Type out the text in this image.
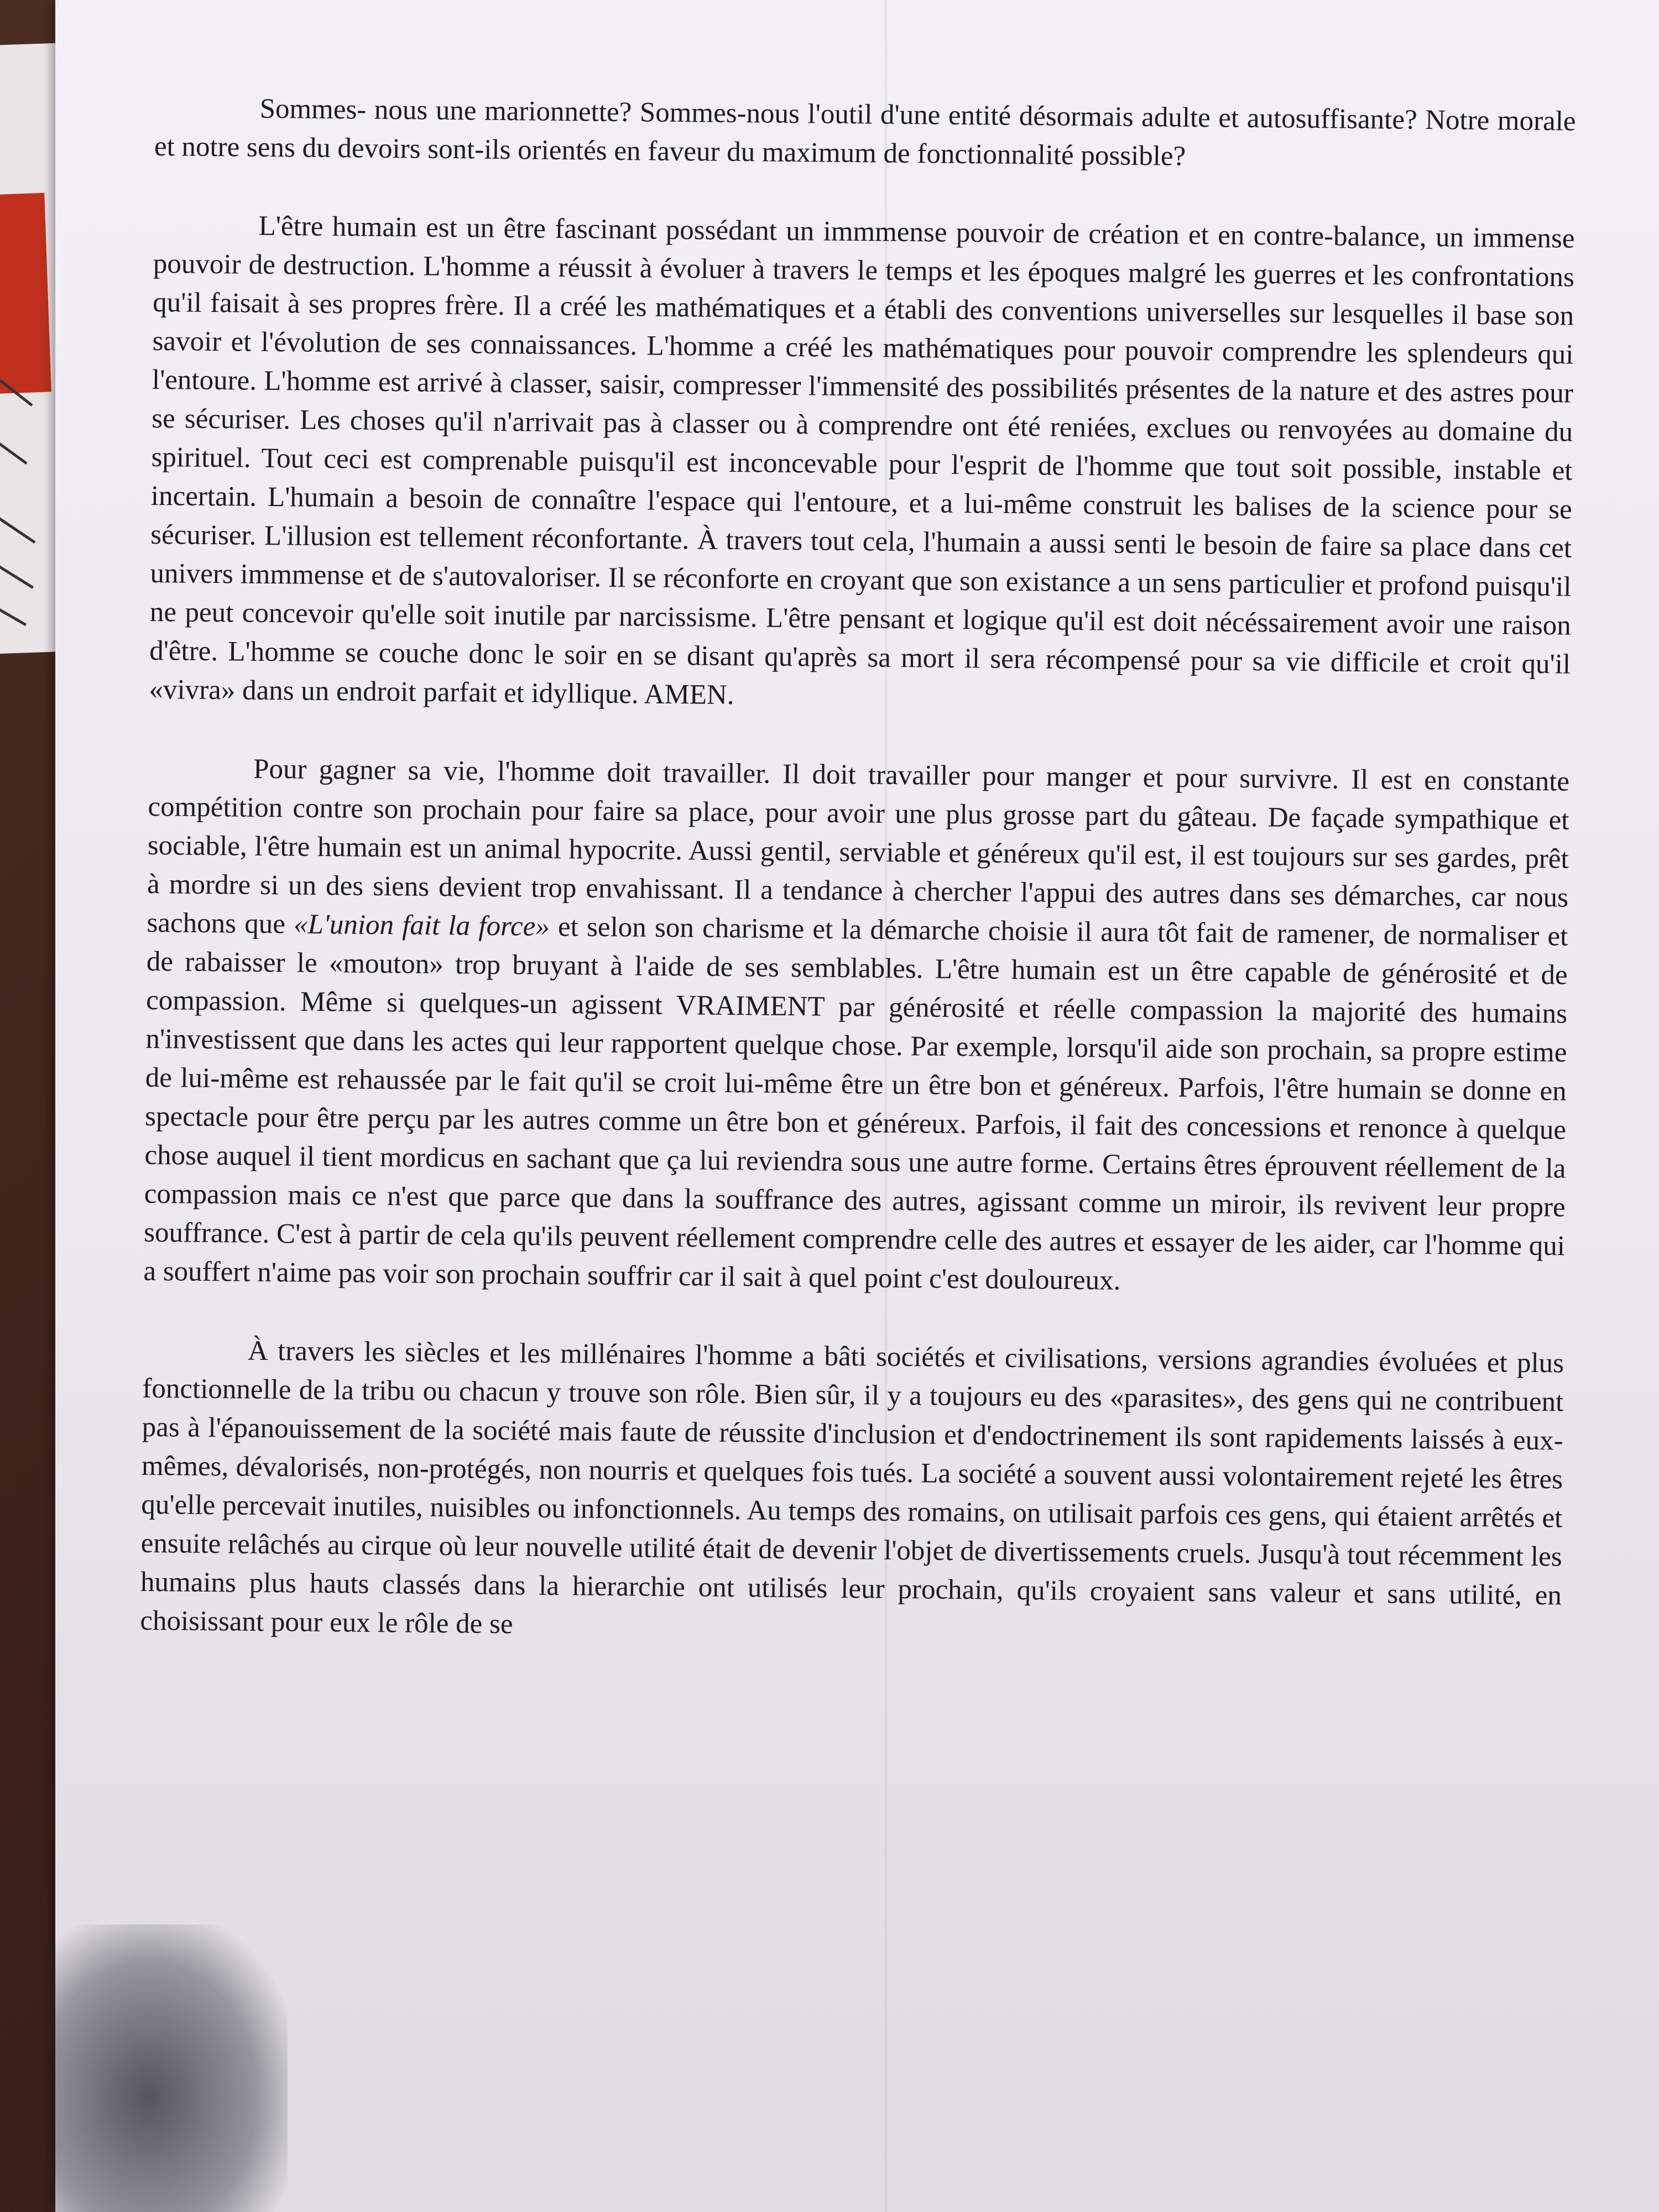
Sommes- nous une marionnette? Sommes-nous l'outil d'une entité désormais adulte et autosuffisante? Notre morale et notre sens du devoirs sont-ils orientés en faveur du maximum de fonctionnalité possible?

L'être humain est un être fascinant possédant un immmense pouvoir de création et en contre-balance, un immense pouvoir de destruction. L'homme a réussit à évoluer à travers le temps et les époques malgré les guerres et les confrontations qu'il faisait à ses propres frère. Il a créé les mathématiques et a établi des conventions universelles sur lesquelles il base son savoir et l'évolution de ses connaissances. L'homme a créé les mathématiques pour pouvoir comprendre les splendeurs qui l'entoure. L'homme est arrivé à classer, saisir, compresser l'immensité des possibilités présentes de la nature et des astres pour se sécuriser. Les choses qu'il n'arrivait pas à classer ou à comprendre ont été reniées, exclues ou renvoyées au domaine du spirituel. Tout ceci est comprenable puisqu'il est inconcevable pour l'esprit de l'homme que tout soit possible, instable et incertain. L'humain a besoin de connaître l'espace qui l'entoure, et a lui-même construit les balises de la science pour se sécuriser. L'illusion est tellement réconfortante. À travers tout cela, l'humain a aussi senti le besoin de faire sa place dans cet univers immmense et de s'autovaloriser. Il se réconforte en croyant que son existance a un sens particulier et profond puisqu'il ne peut concevoir qu'elle soit inutile par narcissisme. L'être pensant et logique qu'il est doit nécéssairement avoir une raison d'être. L'homme se couche donc le soir en se disant qu'après sa mort il sera récompensé pour sa vie difficile et croit qu'il «vivra» dans un endroit parfait et idyllique. AMEN.

Pour gagner sa vie, l'homme doit travailler. Il doit travailler pour manger et pour survivre. Il est en constante compétition contre son prochain pour faire sa place, pour avoir une plus grosse part du gâteau. De façade sympathique et sociable, l'être humain est un animal hypocrite. Aussi gentil, serviable et généreux qu'il est, il est toujours sur ses gardes, prêt à mordre si un des siens devient trop envahissant. Il a tendance à chercher l'appui des autres dans ses démarches, car nous sachons que «L'union fait la force» et selon son charisme et la démarche choisie il aura tôt fait de ramener, de normaliser et de rabaisser le «mouton» trop bruyant à l'aide de ses semblables. L'être humain est un être capable de générosité et de compassion. Même si quelques-un agissent VRAIMENT par générosité et réelle compassion la majorité des humains n'investissent que dans les actes qui leur rapportent quelque chose. Par exemple, lorsqu'il aide son prochain, sa propre estime de lui-même est rehaussée par le fait qu'il se croit lui-même être un être bon et généreux. Parfois, l'être humain se donne en spectacle pour être perçu par les autres comme un être bon et généreux. Parfois, il fait des concessions et renonce à quelque chose auquel il tient mordicus en sachant que ça lui reviendra sous une autre forme. Certains êtres éprouvent réellement de la compassion mais ce n'est que parce que dans la souffrance des autres, agissant comme un miroir, ils revivent leur propre souffrance. C'est à partir de cela qu'ils peuvent réellement comprendre celle des autres et essayer de les aider, car l'homme qui a souffert n'aime pas voir son prochain souffrir car il sait à quel point c'est douloureux.

À travers les siècles et les millénaires l'homme a bâti sociétés et civilisations, versions agrandies évoluées et plus fonctionnelle de la tribu ou chacun y trouve son rôle. Bien sûr, il y a toujours eu des «parasites», des gens qui ne contribuent pas à l'épanouissement de la société mais faute de réussite d'inclusion et d'endoctrinement ils sont rapidements laissés à eux-mêmes, dévalorisés, non-protégés, non nourris et quelques fois tués. La société a souvent aussi volontairement rejeté les êtres qu'elle percevait inutiles, nuisibles ou infonctionnels. Au temps des romains, on utilisait parfois ces gens, qui étaient arrêtés et ensuite relâchés au cirque où leur nouvelle utilité était de devenir l'objet de divertissements cruels. Jusqu'à tout récemment les humains plus hauts classés dans la hierarchie ont utilisés leur prochain, qu'ils croyaient sans valeur et sans utilité, en choisissant pour eux le rôle de se
